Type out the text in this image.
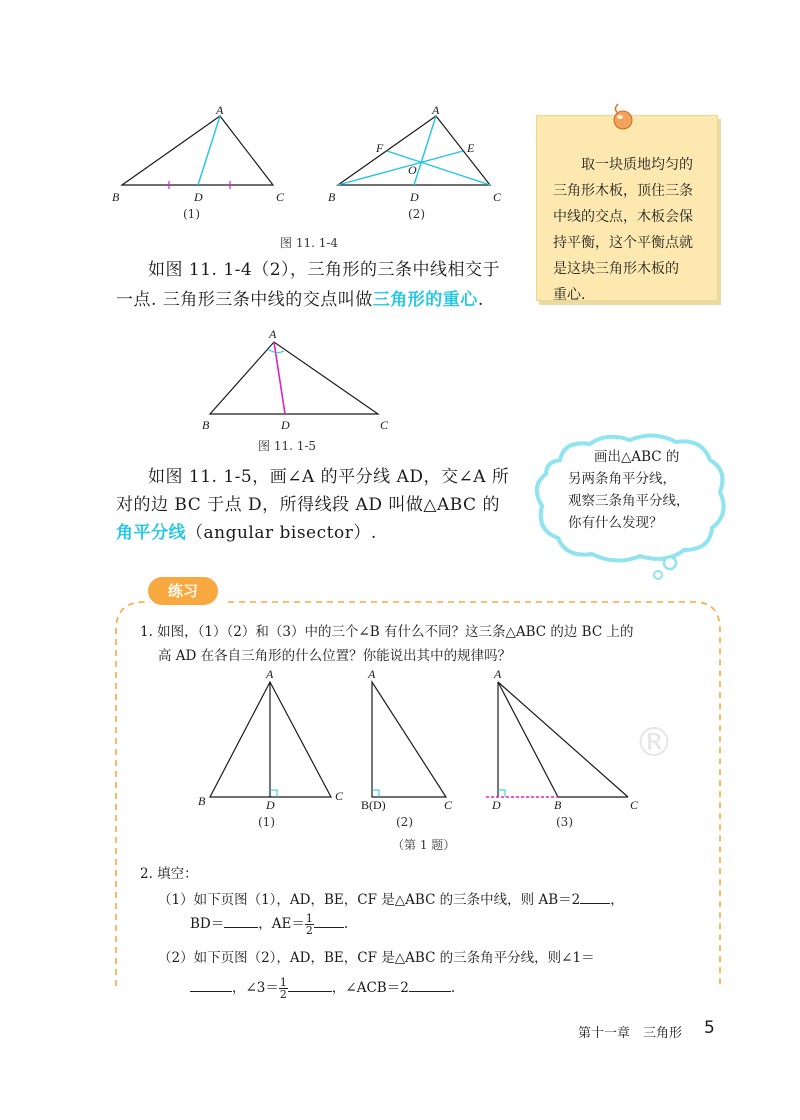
A
B	D	C
(1)
A
F	E
O
B	D	C
(2)
图 11. 1-4
取一块质地均匀的
三角形木板，顶住三条
中线的交点，木板会保
持平衡，这个平衡点就
是这块三角形木板的
重心.
如图 11. 1-4（2），三角形的三条中线相交于
一点. 三角形三条中线的交点叫做三角形的重心.
A
B	D	C
图 11. 1-5
如图 11. 1-5，画∠A 的平分线 AD，交∠A 所
对的边 BC 于点 D，所得线段 AD 叫做△ABC 的
角平分线（angular bisector）.
画出△ABC 的
另两条角平分线，
观察三条角平分线，
你有什么发现？
练习
1. 如图，（1）（2）和（3）中的三个∠B 有什么不同？这三条△ABC 的边 BC 上的
高 AD 在各自三角形的什么位置？你能说出其中的规律吗？
A
B	D
C
(1)
A
B(D)	C
(2)
A
D	B	C
(3)
（第 1 题）
®
2. 填空：
（1）如下页图（1），AD，BE，CF 是△ABC 的三条中线，则 AB＝2 ，
BD＝	，$AE= \frac{1}{2}$ .
（2）如下页图（2），AD，BE，CF 是△ABC 的三条角平分线，则∠1＝
，∠3＝ $\frac{1}{2}$	，∠ACB＝2	.
第十一章　三角形 5
